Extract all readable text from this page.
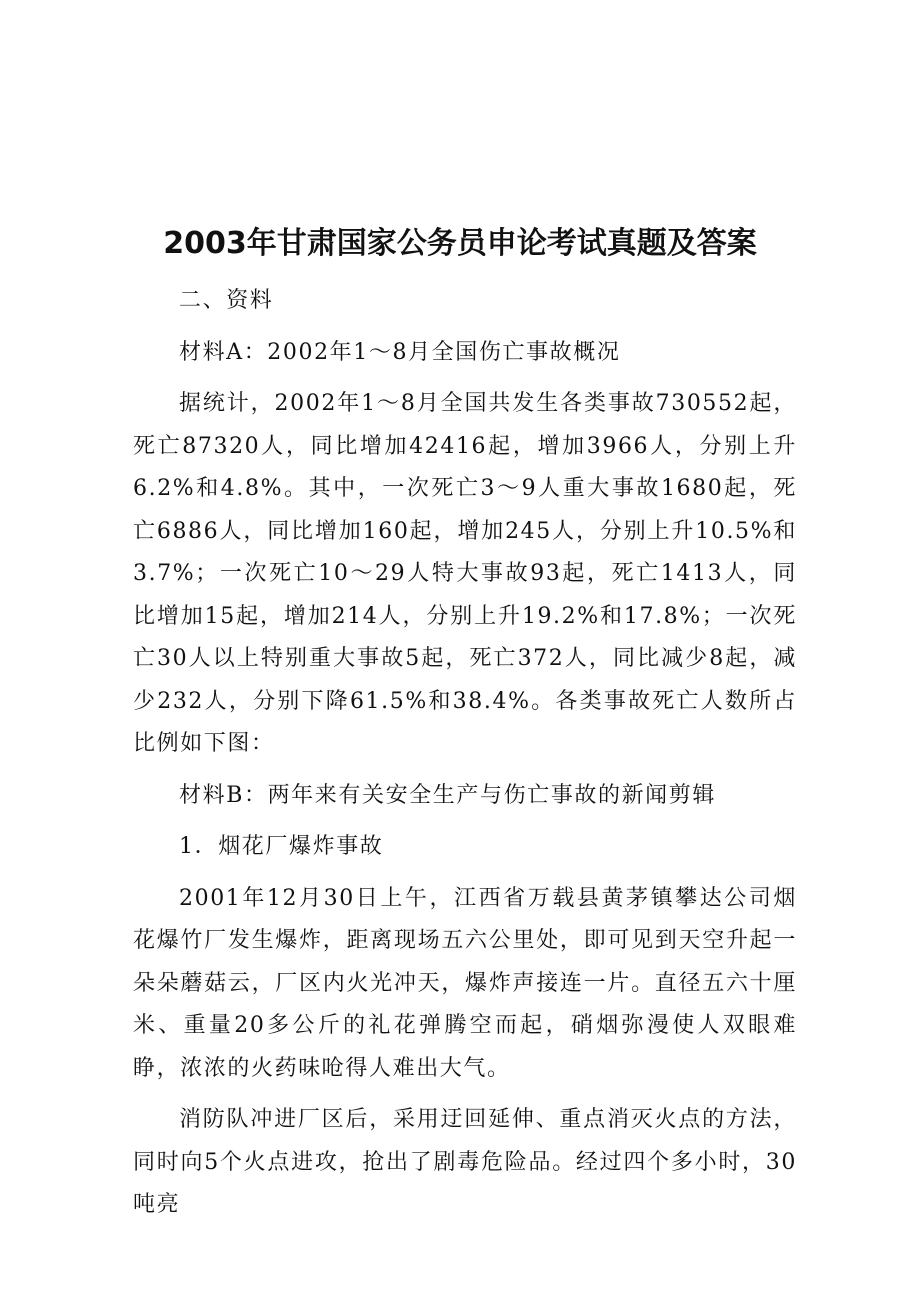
2003年甘肃国家公务员申论考试真题及答案

二、资料

材料A：2002年1～8月全国伤亡事故概况

据统计，2002年1～8月全国共发生各类事故730552起，死亡87320人，同比增加42416起，增加3966人，分别上升6.2%和4.8%。其中，一次死亡3～9人重大事故1680起，死亡6886人，同比增加160起，增加245人，分别上升10.5%和3.7%；一次死亡10～29人特大事故93起，死亡1413人，同比增加15起，增加214人，分别上升19.2%和17.8%；一次死亡30人以上特别重大事故5起，死亡372人，同比减少8起，减少232人，分别下降61.5%和38.4%。各类事故死亡人数所占比例如下图：

材料B：两年来有关安全生产与伤亡事故的新闻剪辑

1．烟花厂爆炸事故

2001年12月30日上午，江西省万载县黄茅镇攀达公司烟花爆竹厂发生爆炸，距离现场五六公里处，即可见到天空升起一朵朵蘑菇云，厂区内火光冲天，爆炸声接连一片。直径五六十厘米、重量20多公斤的礼花弹腾空而起，硝烟弥漫使人双眼难睁，浓浓的火药味呛得人难出大气。

消防队冲进厂区后，采用迂回延伸、重点消灭火点的方法，同时向5个火点进攻，抢出了剧毒危险品。经过四个多小时，30吨亮
